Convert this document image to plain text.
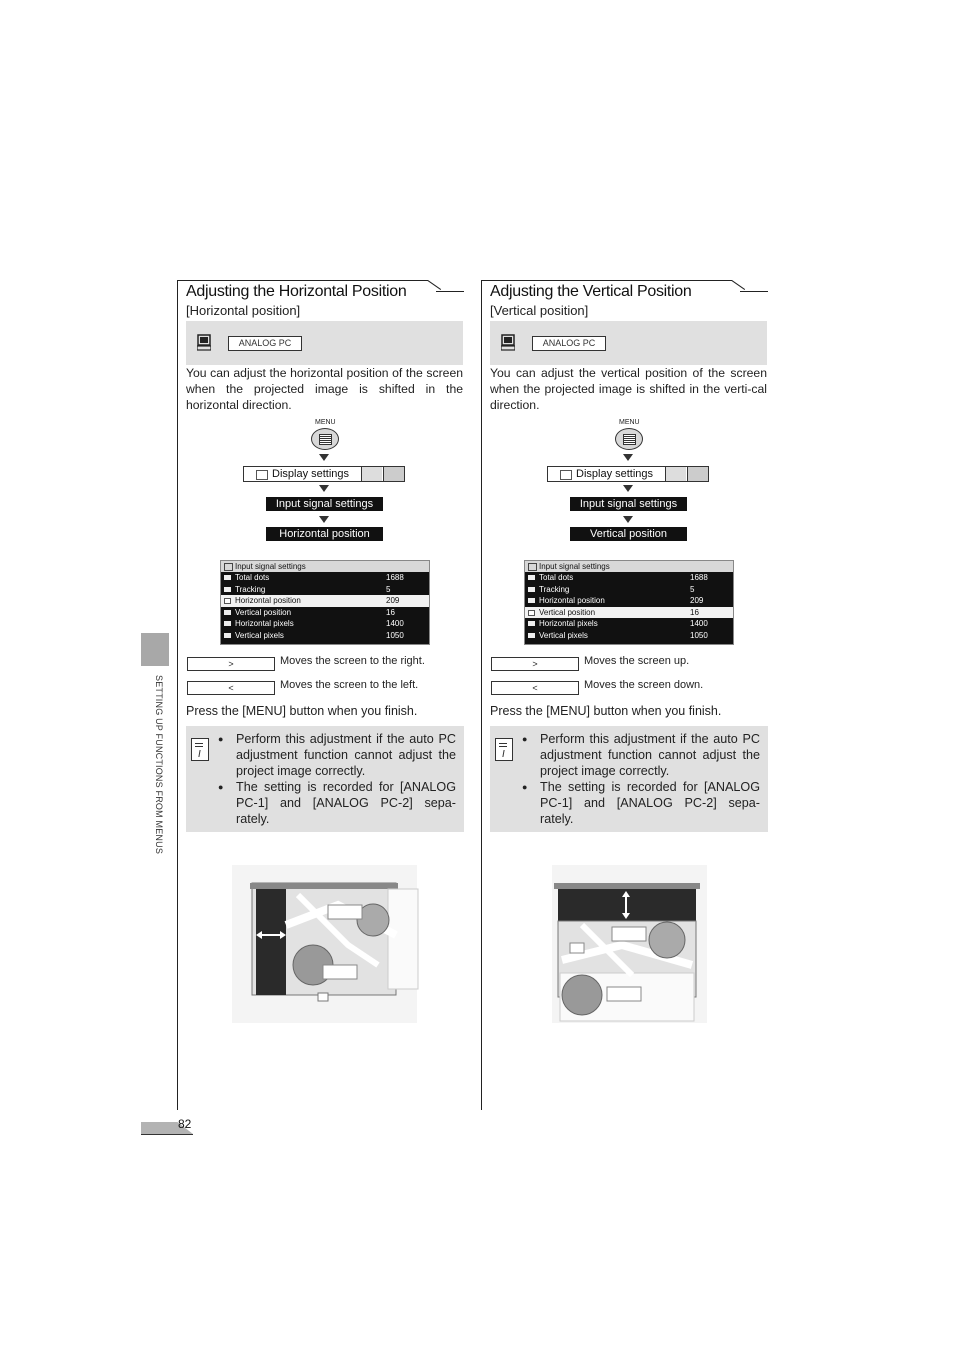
SETTING UP FUNCTIONS FROM MENUS
82
Adjusting the Horizontal Position
[Horizontal position]
ANALOG PC
You can adjust the horizontal position of the screen when the projected image is shifted in the horizontal direction.
MENU
Display settings
Input signal settings
Horizontal position
Input signal settings
Total dots	1688
Tracking	5
Horizontal position	209
Vertical position	16
Horizontal pixels	1400
Vertical pixels	1050
>	Moves the screen to the right.
<	Moves the screen to the left.
Press the [MENU] button when you finish.
● Perform this adjustment if the auto PC adjustment function cannot adjust the project image correctly.
● The setting is recorded for [ANALOG PC-1] and [ANALOG PC-2] sepa-rately.
Adjusting the Vertical Position
[Vertical position]
ANALOG PC
You can adjust the vertical position of the screen when the projected image is shifted in the verti-cal direction.
MENU
Display settings
Input signal settings
Vertical position
Input signal settings
Total dots	1688
Tracking	5
Horizontal position	209
Vertical position	16
Horizontal pixels	1400
Vertical pixels	1050
>	Moves the screen up.
<	Moves the screen down.
Press the [MENU] button when you finish.
● Perform this adjustment if the auto PC adjustment function cannot adjust the project image correctly.
● The setting is recorded for [ANALOG PC-1] and [ANALOG PC-2] sepa-rately.
